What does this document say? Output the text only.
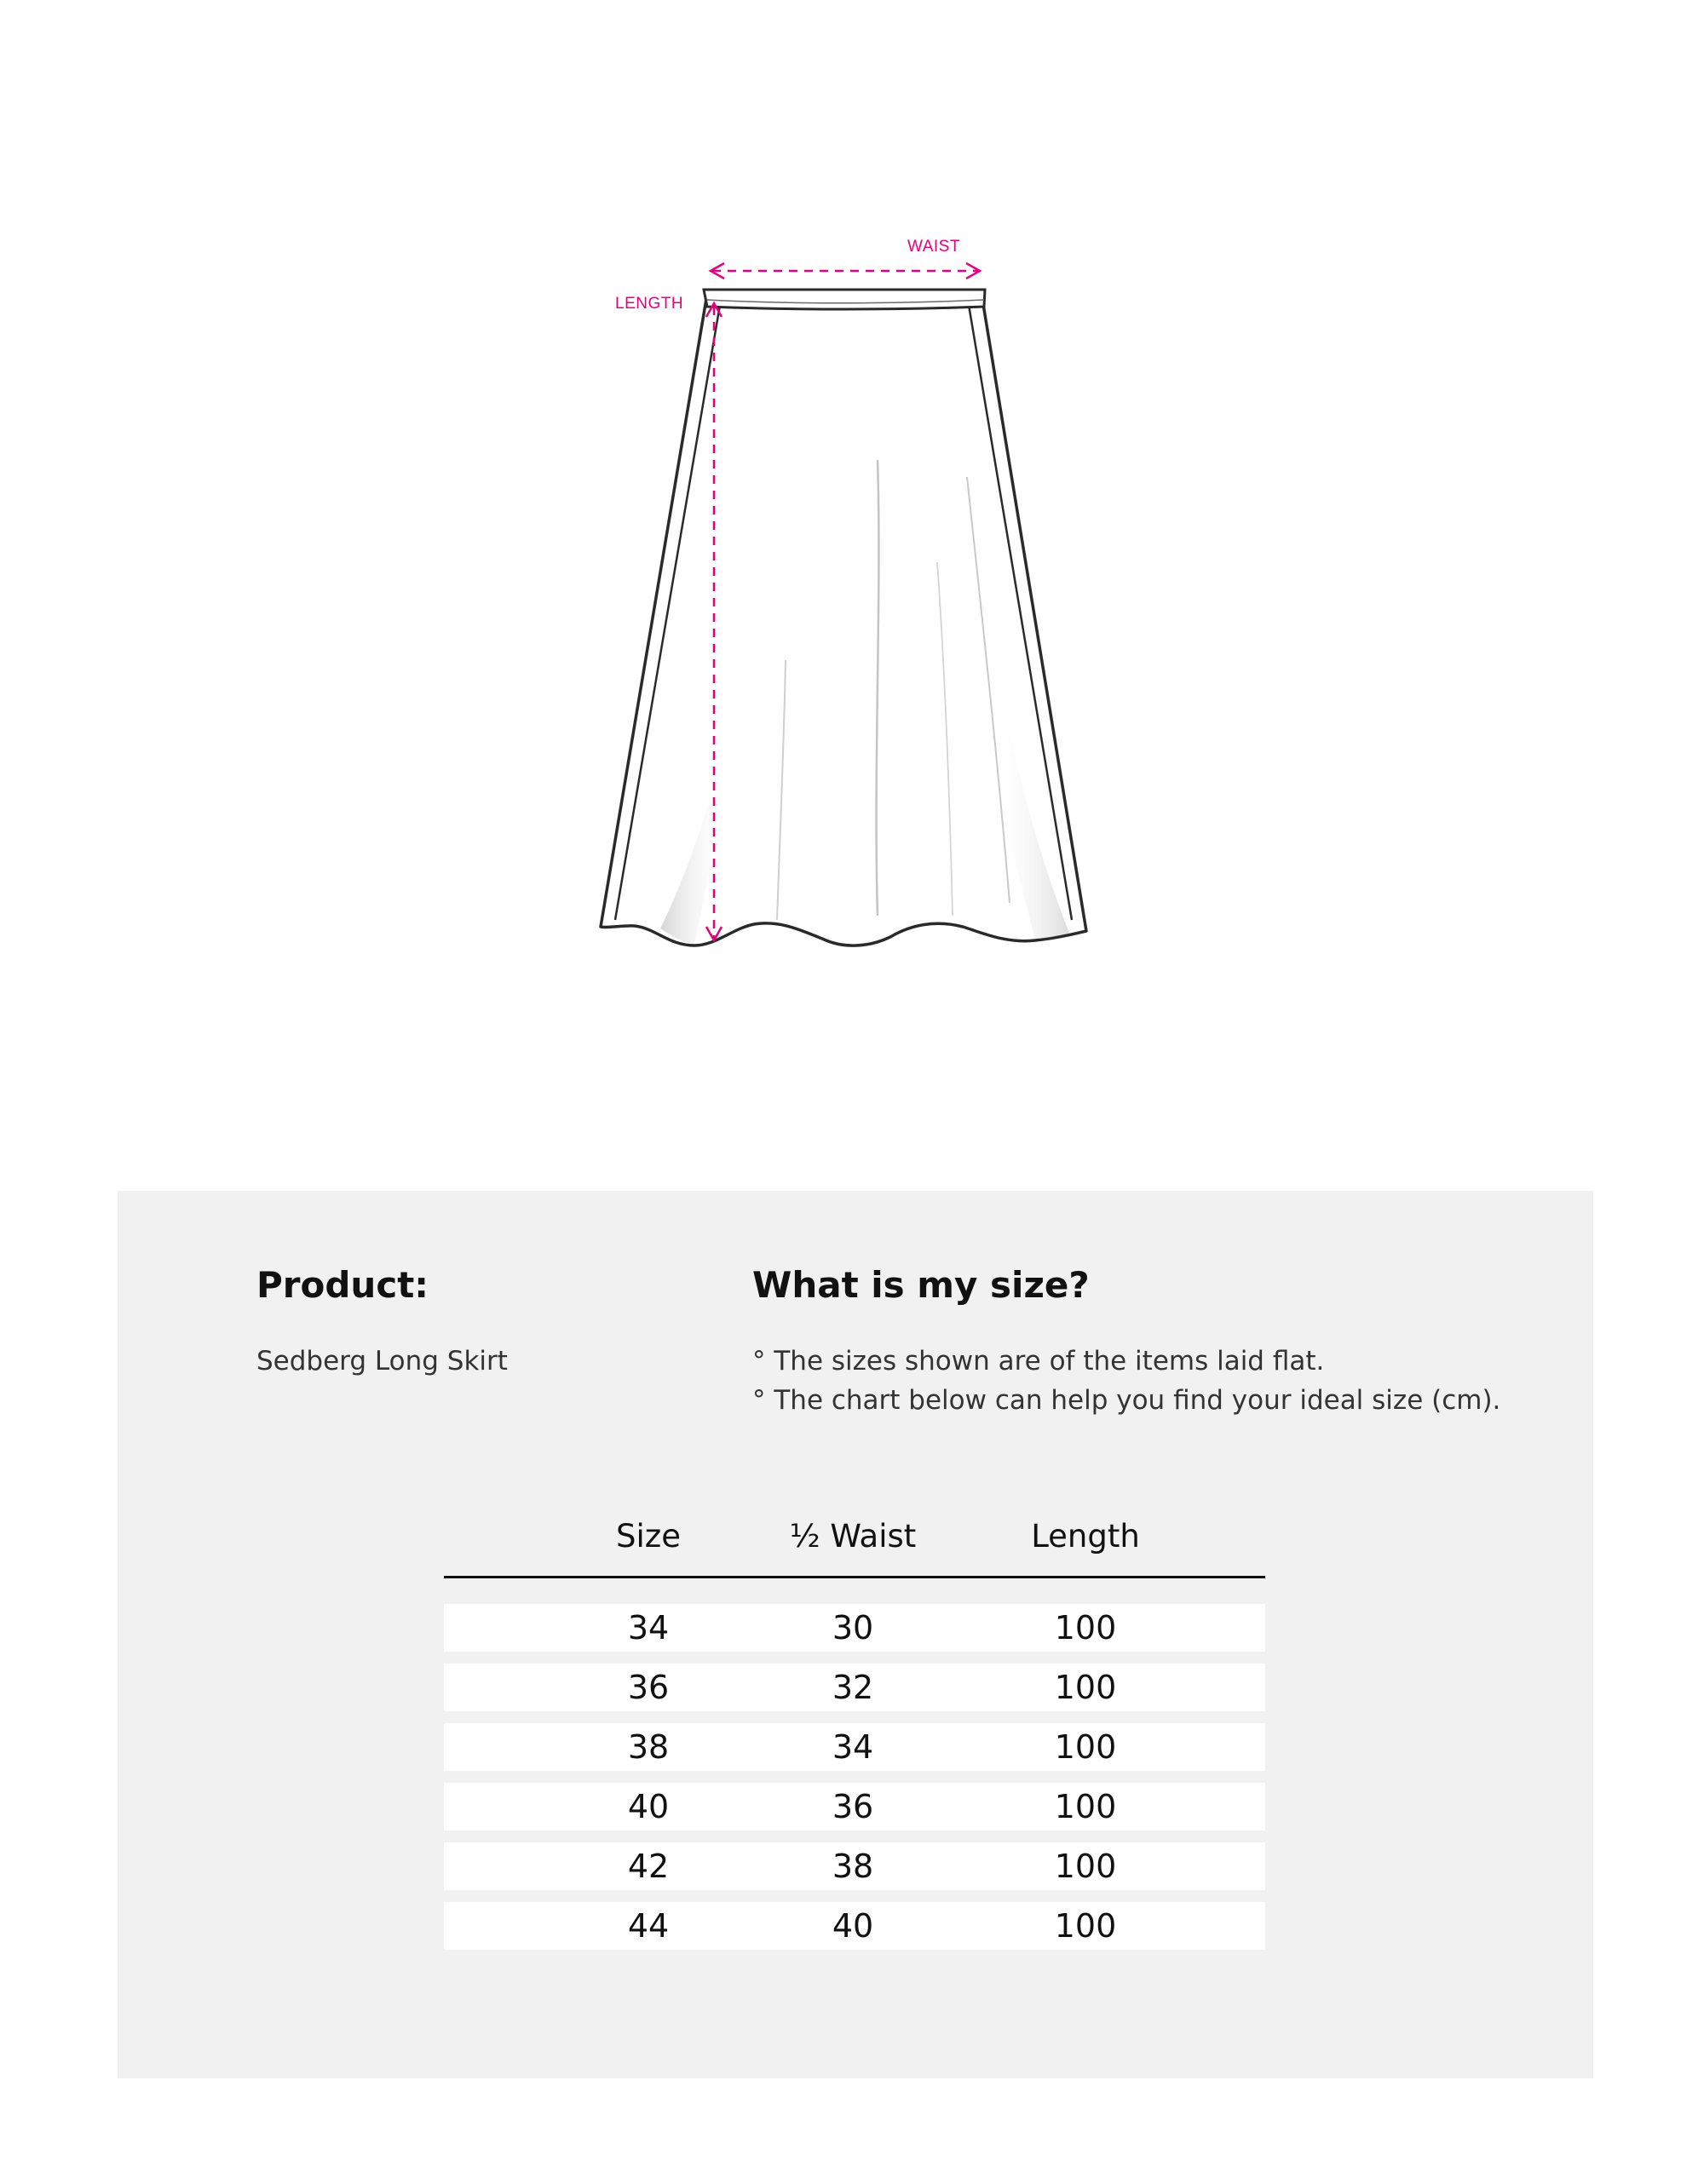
WAIST
LENGTH
Product:

Sedberg Long Skirt

What is my size?

° The sizes shown are of the items laid flat.

° The chart below can help you find your ideal size (cm).

Size	½ Waist	Length
34	30	100
36	32	100
38	34	100
40	36	100
42	38	100
44	40	100
